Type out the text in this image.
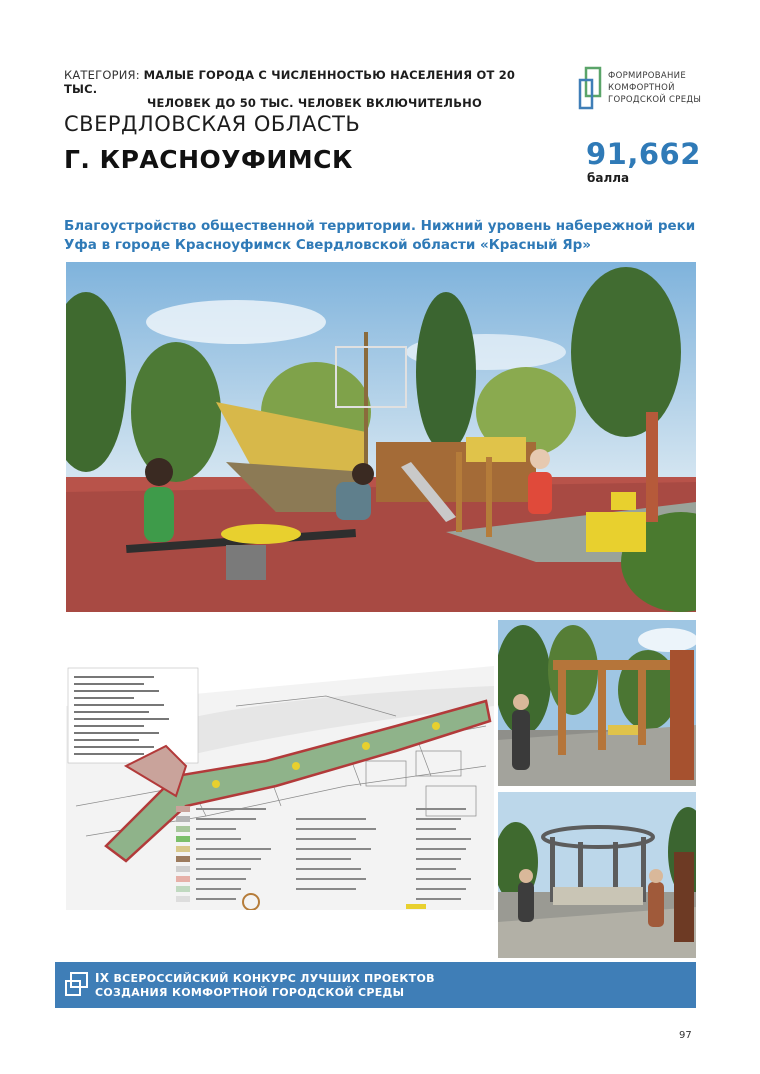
КАТЕГОРИЯ: МАЛЫЕ ГОРОДА С ЧИСЛЕННОСТЬЮ НАСЕЛЕНИЯ ОТ 20 ТЫС.
ЧЕЛОВЕК ДО 50 ТЫС. ЧЕЛОВЕК ВКЛЮЧИТЕЛЬНО
ФОРМИРОВАНИЕ
КОМФОРТНОЙ
ГОРОДСКОЙ СРЕДЫ
СВЕРДЛОВСКАЯ ОБЛАСТЬ
Г. КРАСНОУФИМСК	91,662
балла
Благоустройство общественной территории. Нижний уровень набережной реки Уфа в городе Красноуфимск Свердловской области «Красный Яр»
IX ВСЕРОССИЙСКИЙ КОНКУРС ЛУЧШИХ ПРОЕКТОВ
СОЗДАНИЯ КОМФОРТНОЙ ГОРОДСКОЙ СРЕДЫ
97
